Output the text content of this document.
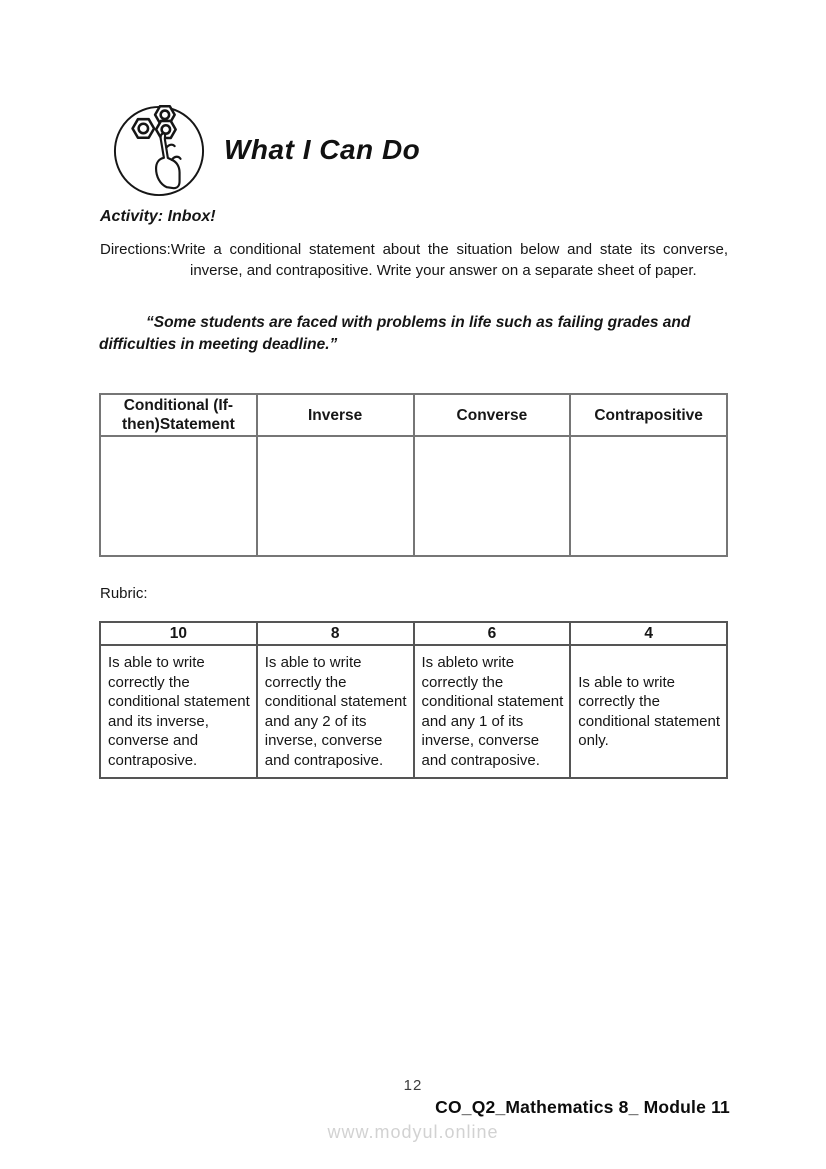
What I Can Do

Activity: Inbox!

Directions:Write a conditional statement about the situation below and state its converse, inverse, and contrapositive. Write your answer on a separate sheet of paper.

“Some students are faced with problems in life such as failing grades and difficulties in meeting deadline.”

Conditional (If-then)Statement	Inverse	Converse	Contrapositive

Rubric:

10	8	6	4
Is able to write correctly the conditional statement  and its inverse, converse and contraposive.	Is able to write correctly the conditional statement  and any 2 of its inverse, converse and contraposive.	Is ableto write correctly the conditional statement  and any 1 of its inverse, converse and contraposive.	Is able to write correctly the conditional statement only.
12
CO_Q2_Mathematics 8_ Module 11
www.modyul.online
